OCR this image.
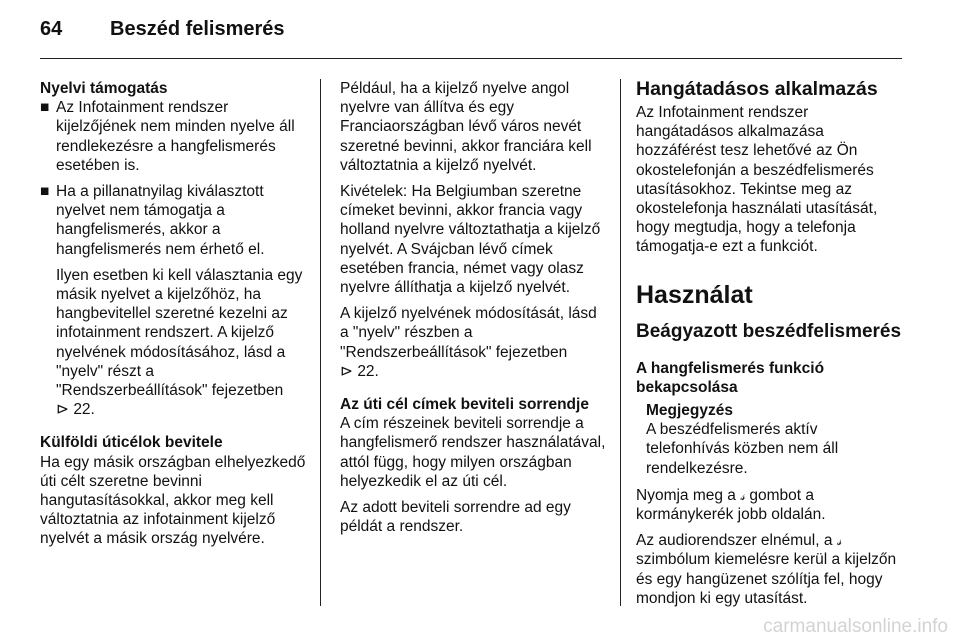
64 Beszéd felismerés

Nyelvi támogatás

■ Az Infotainment rendszer kijelzőjének nem minden nyelve áll rendlekezésre a hangfelismerés esetében is.
■ Ha a pillanatnyilag kiválasztott nyelvet nem támogatja a hangfelismerés, akkor a hangfelismerés nem érhető el.

Ilyen esetben ki kell választania egy másik nyelvet a kijelzőhöz, ha hangbevitellel szeretné kezelni az infotainment rendszert. A kijelző nyelvének módosításához, lásd a "nyelv" részt a "Rendszerbeállítások" fejezetben
⊳ 22.

Külföldi úticélok bevitele

Ha egy másik országban elhelyezkedő úti célt szeretne bevinni hangutasításokkal, akkor meg kell változtatnia az infotainment kijelző nyelvét a másik ország nyelvére.

Például, ha a kijelző nyelve angol nyelvre van állítva és egy Franciaországban lévő város nevét szeretné bevinni, akkor franciára kell változtatnia a kijelző nyelvét.

Kivételek: Ha Belgiumban szeretne címeket bevinni, akkor francia vagy holland nyelvre változtathatja a kijelző nyelvét. A Svájcban lévő címek esetében francia, német vagy olasz nyelvre állíthatja a kijelző nyelvét.

A kijelző nyelvének módosítását, lásd a "nyelv" részben a "Rendszerbeállítások" fejezetben
⊳ 22.

Az úti cél címek beviteli sorrendje

A cím részeinek beviteli sorrendje a hangfelismerő rendszer használatával, attól függ, hogy milyen országban helyezkedik el az úti cél.

Az adott beviteli sorrendre ad egy példát a rendszer.

Hangátadásos alkalmazás

Az Infotainment rendszer hangátadásos alkalmazása hozzáférést tesz lehetővé az Ön okostelefonján a beszédfelismerés utasításokhoz. Tekintse meg az okostelefonja használati utasítását, hogy megtudja, hogy a telefonja támogatja-e ezt a funkciót.

Használat

Beágyazott beszédfelismerés

A hangfelismerés funkció bekapcsolása

Megjegyzés
A beszédfelismerés aktív telefonhívás közben nem áll rendelkezésre.

Nyomja meg a 𝓈 gombot a kormánykerék jobb oldalán.

Az audiorendszer elnémul, a 𝓈 szimbólum kiemelésre kerül a kijelzőn és egy hangüzenet szólítja fel, hogy mondjon ki egy utasítást.

carmanualsonline.info
